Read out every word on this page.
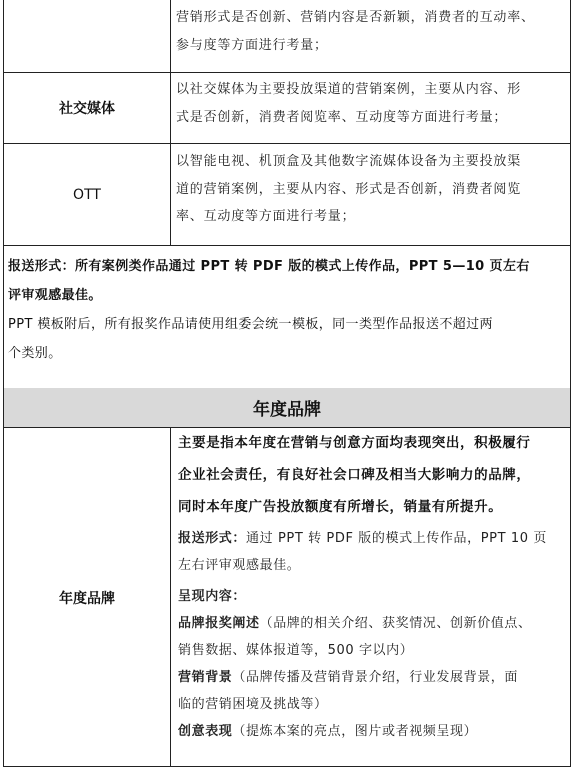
营销形式是否创新、营销内容是否新颖，消费者的互动率、
参与度等方面进行考量；
社交媒体
以社交媒体为主要投放渠道的营销案例，主要从内容、形
式是否创新，消费者阅览率、互动度等方面进行考量；
OTT
以智能电视、机顶盒及其他数字流媒体设备为主要投放渠
道的营销案例，主要从内容、形式是否创新，消费者阅览
率、互动度等方面进行考量；
报送形式：所有案例类作品通过 PPT 转 PDF 版的模式上传作品，PPT 5—10 页左右
评审观感最佳。
PPT 模板附后，所有报奖作品请使用组委会统一模板，同一类型作品报送不超过两
个类别。
年度品牌
年度品牌
主要是指本年度在营销与创意方面均表现突出，积极履行
企业社会责任，有良好社会口碑及相当大影响力的品牌，
同时本年度广告投放额度有所增长，销量有所提升。
报送形式：通过 PPT 转 PDF 版的模式上传作品，PPT 10 页
左右评审观感最佳。
呈现内容：
品牌报奖阐述（品牌的相关介绍、获奖情况、创新价值点、
销售数据、媒体报道等，500 字以内）
营销背景（品牌传播及营销背景介绍，行业发展背景，面
临的营销困境及挑战等）
创意表现（提炼本案的亮点，图片或者视频呈现）
